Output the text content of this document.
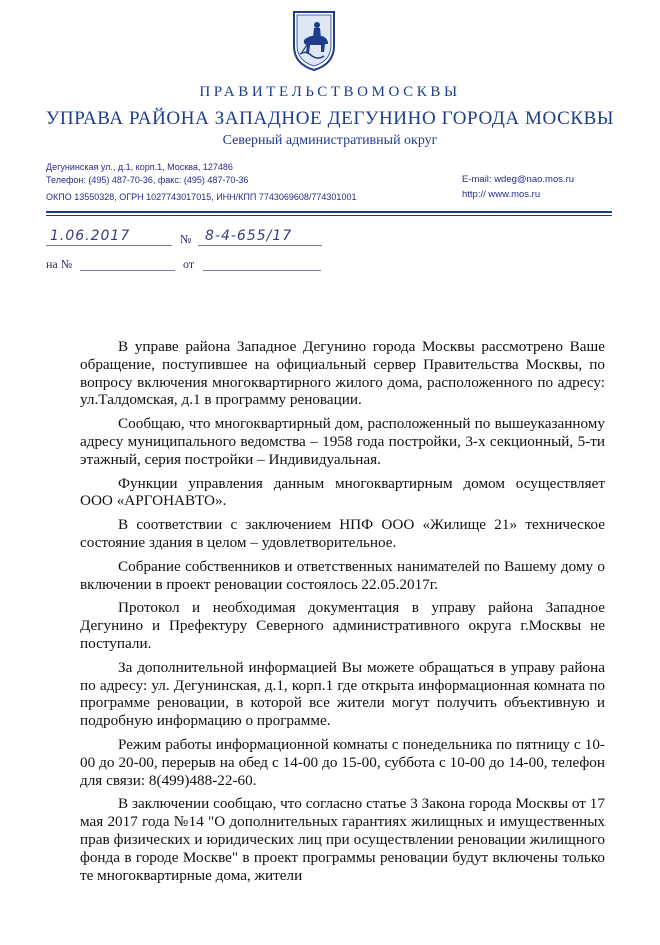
ПРАВИТЕЛЬСТВОМОСКВЫ
УПРАВА РАЙОНА ЗАПАДНОЕ ДЕГУНИНО ГОРОДА МОСКВЫ
Северный административный округ
Дегунинская ул., д.1, корп.1, Москва, 127486
Телефон: (495) 487-70-36, факс: (495) 487-70-36
ОКПО 13550328, ОГРН 1027743017015, ИНН/КПП 7743069608/774301001
E-mail: wdeg@nao.mos.ru
http:// www.mos.ru
1.06.2017	№ 8-4-655/17
на №	от

В управе района Западное Дегунино города Москвы рассмотрено Ваше обращение, поступившее на официальный сервер Правительства Москвы, по вопросу включения многоквартирного жилого дома, расположенного по адресу: ул.Талдомская, д.1 в программу реновации.

Сообщаю, что многоквартирный дом, расположенный по вышеуказанному адресу муниципального ведомства – 1958 года постройки, 3-х секционный, 5-ти этажный, серия постройки – Индивидуальная.

Функции управления данным многоквартирным домом осуществляет ООО «АРГОНАВТО».

В соответствии с заключением НПФ ООО «Жилище 21» техническое состояние здания в целом – удовлетворительное.

Собрание собственников и ответственных нанимателей по Вашему дому о включении в проект реновации состоялось 22.05.2017г.

Протокол и необходимая документация в управу района Западное Дегунино и Префектуру Северного административного округа г.Москвы не поступали.

За дополнительной информацией Вы можете обращаться в управу района по адресу: ул. Дегунинская, д.1, корп.1 где открыта информационная комната по программе реновации, в которой все жители могут получить объективную и подробную информацию о программе.

Режим работы информационной комнаты с понедельника по пятницу с 10-00 до 20-00, перерыв на обед с 14-00 до 15-00, суббота с 10-00 до 14-00, телефон для связи: 8(499)488-22-60.

В заключении сообщаю, что согласно статье 3 Закона города Москвы от 17 мая 2017 года №14 "О дополнительных гарантиях жилищных и имущественных прав физических и юридических лиц при осуществлении реновации жилищного фонда в городе Москве" в проект программы реновации будут включены только те многоквартирные дома, жители
